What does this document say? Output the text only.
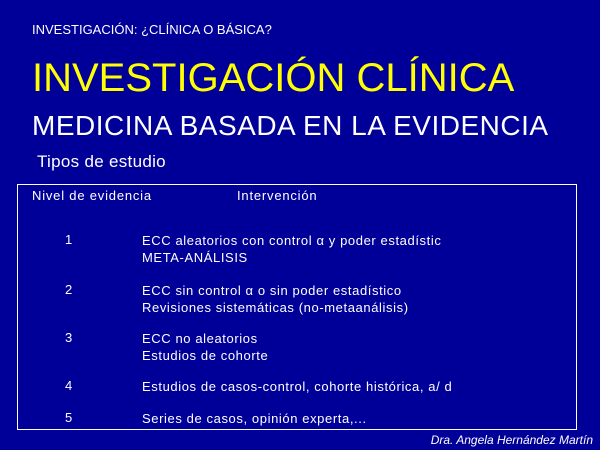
INVESTIGACIÓN: ¿CLÍNICA O BÁSICA?
INVESTIGACIÓN CLÍNICA
MEDICINA BASADA EN LA EVIDENCIA
Tipos de estudio
Nivel de evidencia	Intervención
1	ECC aleatorios con control α y poder estadístic
META-ANÁLISIS
2	ECC sin control α o sin poder estadístico
Revisiones sistemáticas (no-metaanálisis)
3	ECC no aleatorios
Estudios de cohorte
4	Estudios de casos-control, cohorte histórica, a/ d
5	Series de casos, opinión experta,...
Dra. Angela Hernández Martín
